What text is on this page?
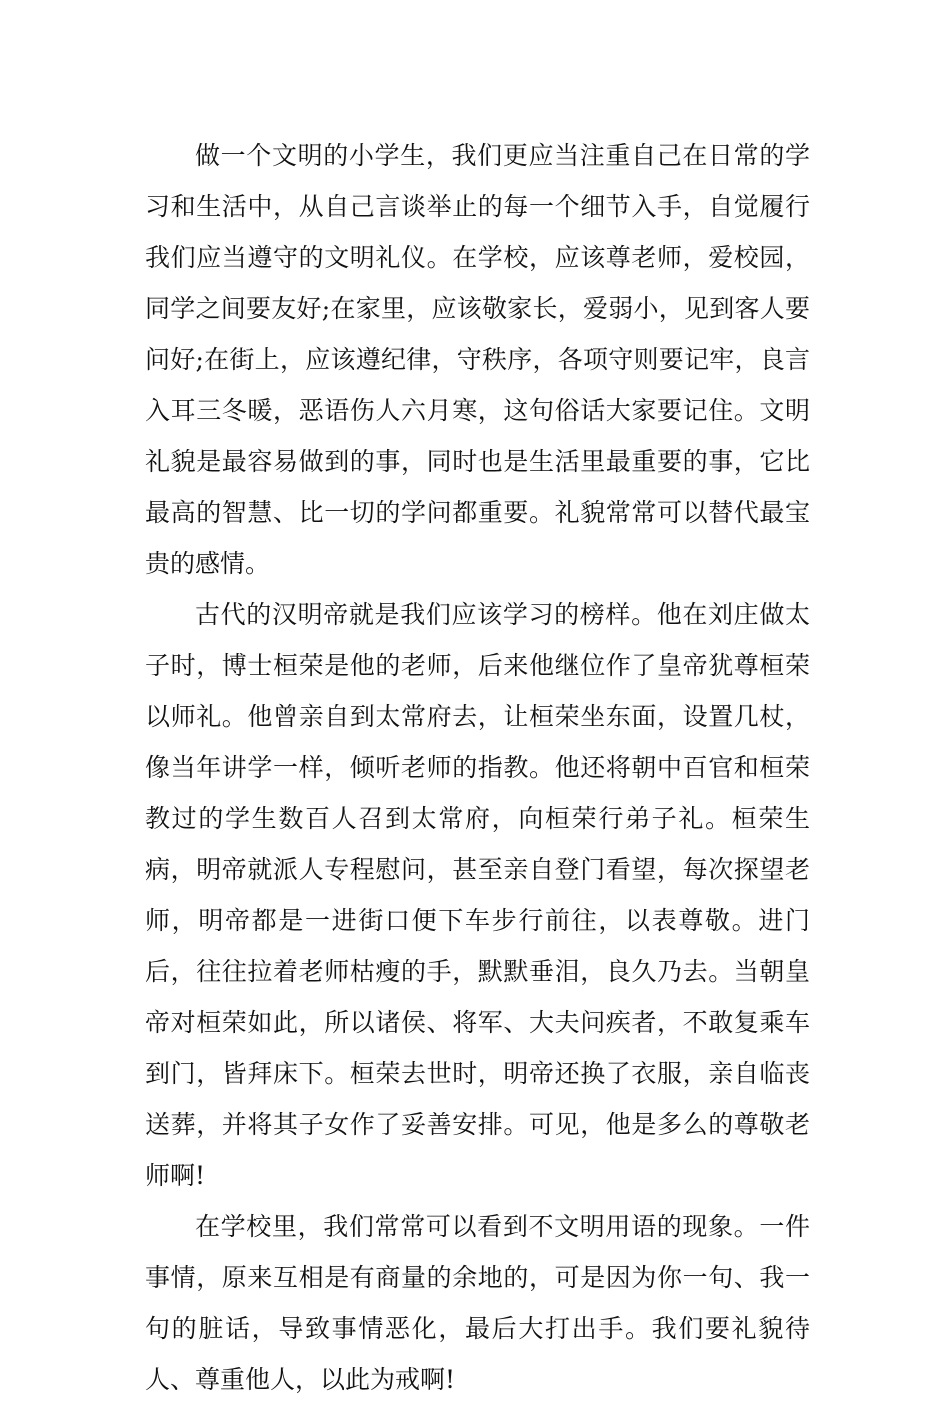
做一个文明的小学生，我们更应当注重自己在日常的学习和生活中，从自己言谈举止的每一个细节入手，自觉履行我们应当遵守的文明礼仪。在学校，应该尊老师，爱校园，同学之间要友好;在家里，应该敬家长，爱弱小，见到客人要问好;在街上，应该遵纪律，守秩序，各项守则要记牢，良言入耳三冬暖，恶语伤人六月寒，这句俗话大家要记住。文明礼貌是最容易做到的事，同时也是生活里最重要的事，它比最高的智慧、比一切的学问都重要。礼貌常常可以替代最宝贵的感情。

古代的汉明帝就是我们应该学习的榜样。他在刘庄做太子时，博士桓荣是他的老师，后来他继位作了皇帝犹尊桓荣以师礼。他曾亲自到太常府去，让桓荣坐东面，设置几杖，像当年讲学一样，倾听老师的指教。他还将朝中百官和桓荣教过的学生数百人召到太常府，向桓荣行弟子礼。桓荣生病，明帝就派人专程慰问，甚至亲自登门看望，每次探望老师，明帝都是一进街口便下车步行前往，以表尊敬。进门后，往往拉着老师枯瘦的手，默默垂泪，良久乃去。当朝皇帝对桓荣如此，所以诸侯、将军、大夫问疾者，不敢复乘车到门，皆拜床下。桓荣去世时，明帝还换了衣服，亲自临丧送葬，并将其子女作了妥善安排。可见，他是多么的尊敬老师啊!

在学校里，我们常常可以看到不文明用语的现象。一件事情，原来互相是有商量的余地的，可是因为你一句、我一句的脏话，导致事情恶化，最后大打出手。我们要礼貌待人、尊重他人，以此为戒啊!
